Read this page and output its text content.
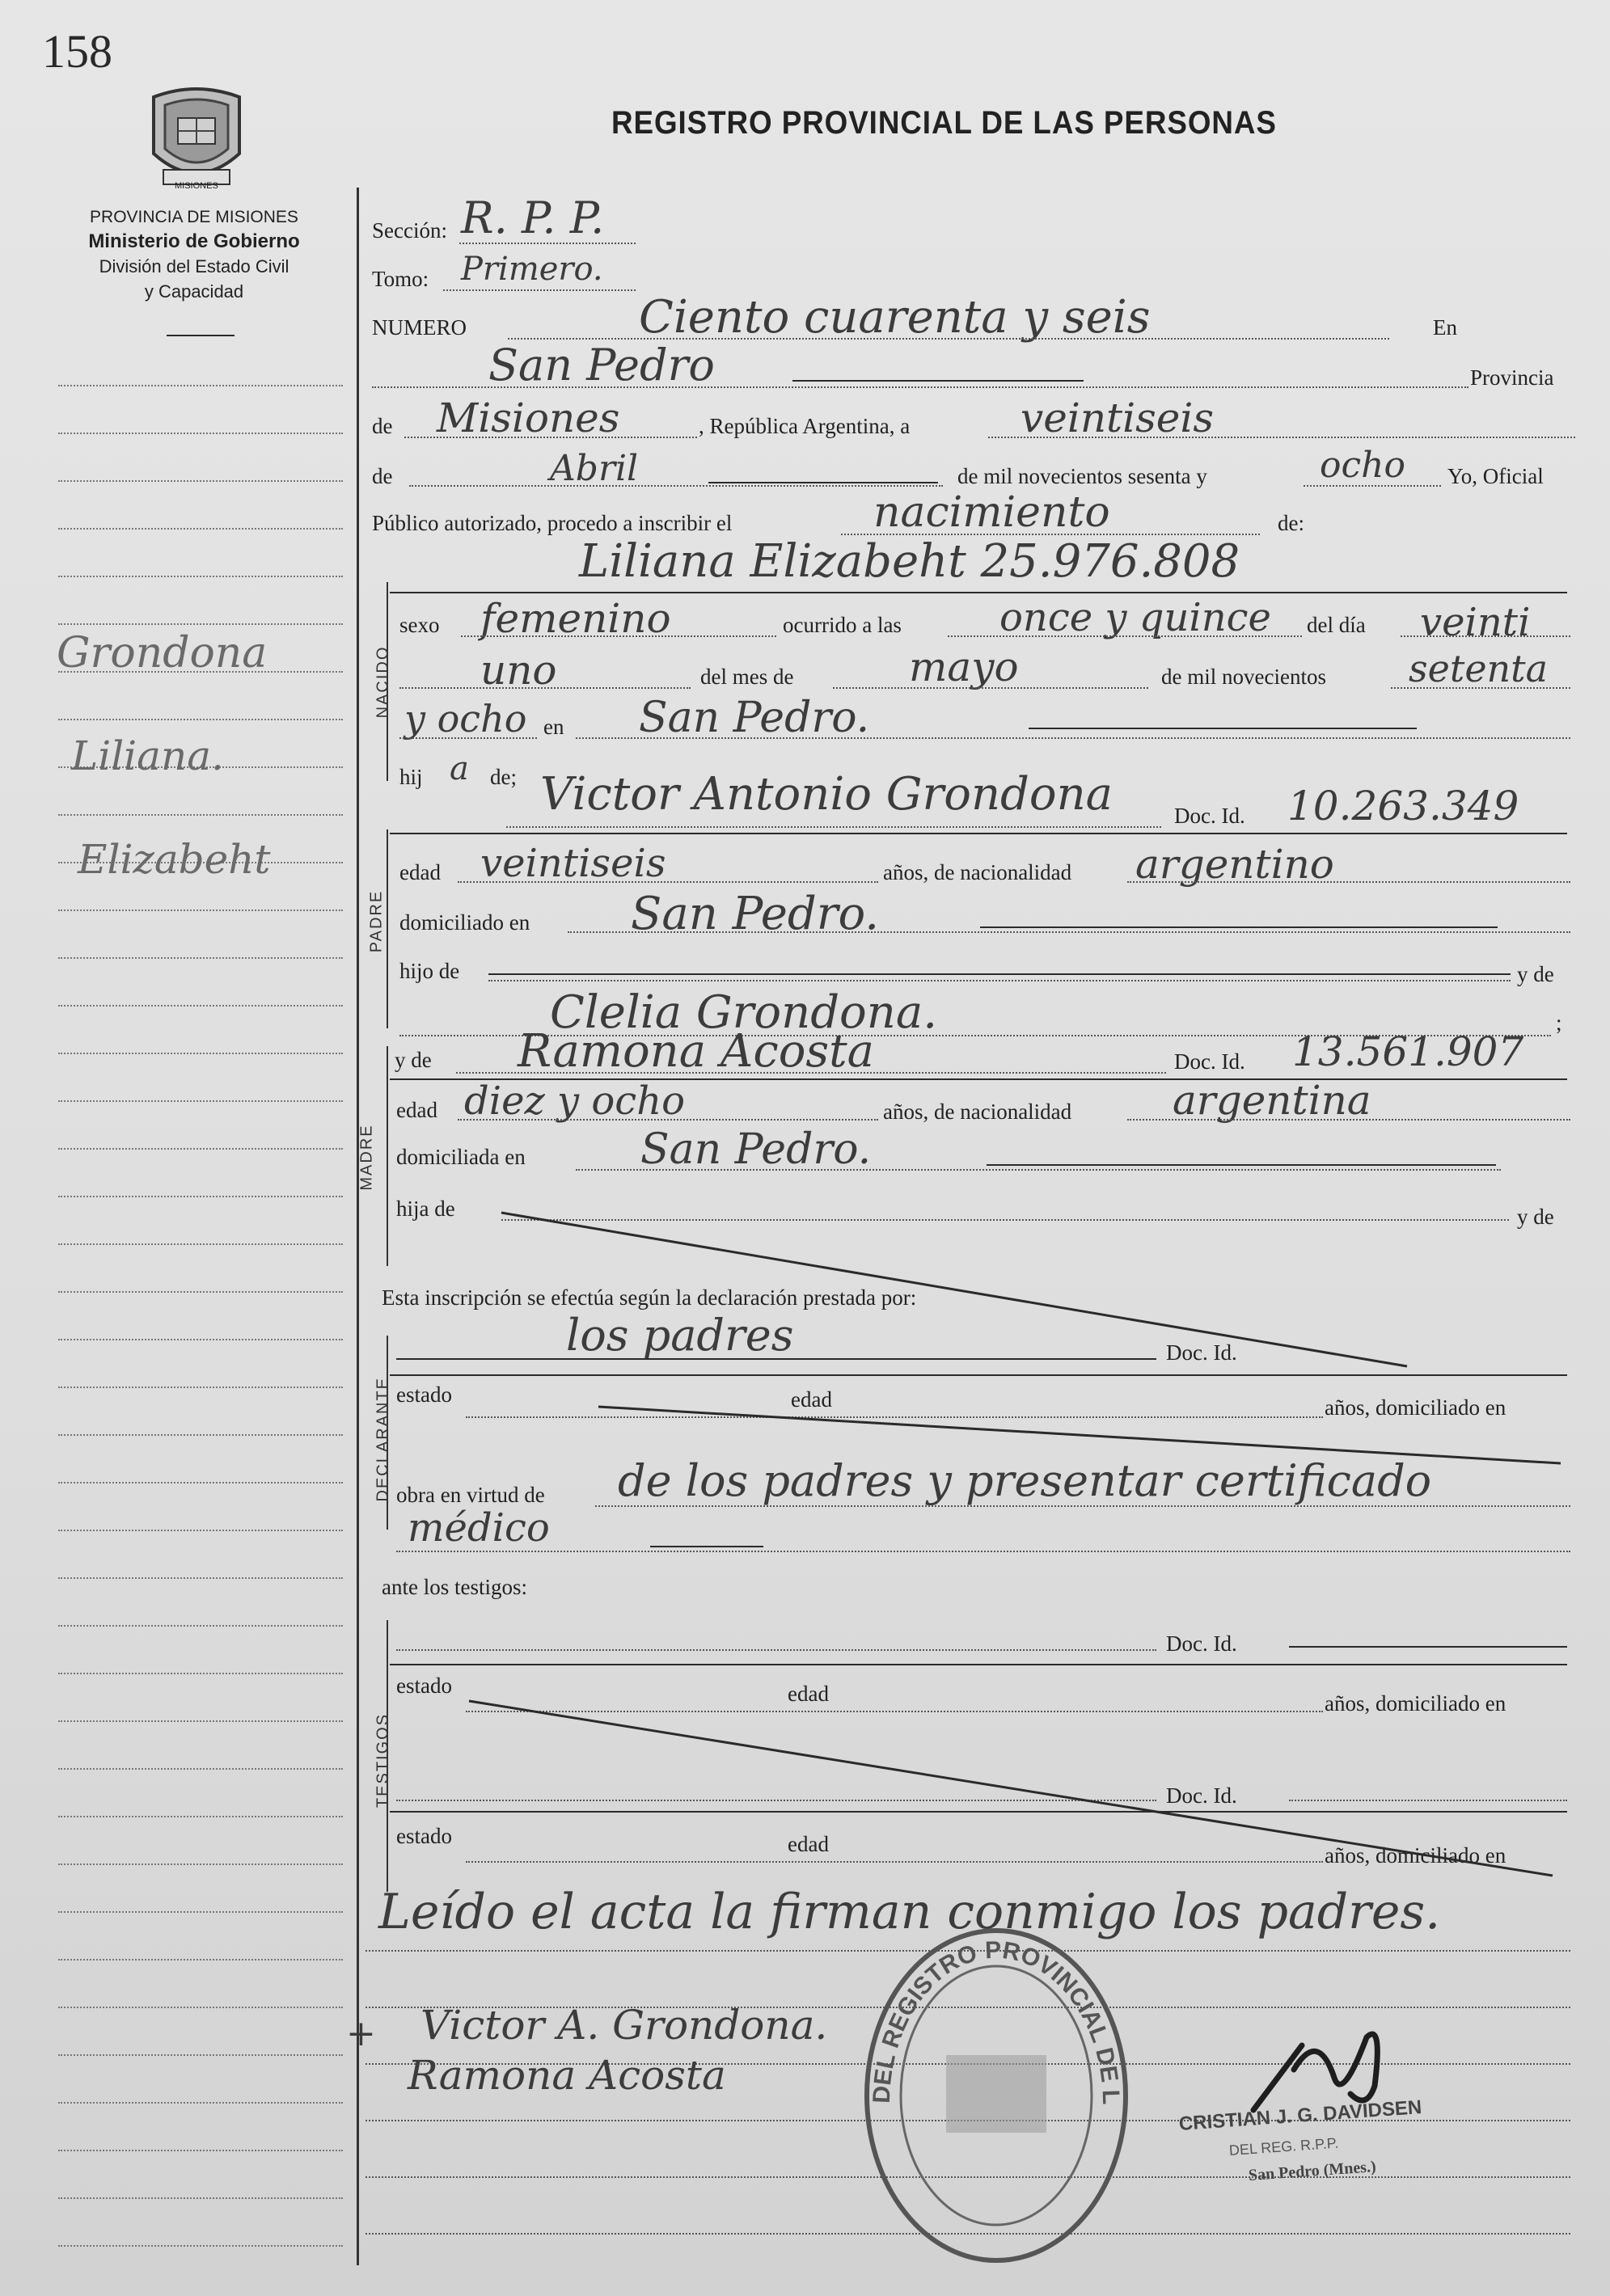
158
MISIONES
PROVINCIA DE MISIONES
Ministerio de Gobierno
División del Estado Civil
y Capacidad
REGISTRO PROVINCIAL DE LAS PERSONAS
Grondona
Liliana.
Elizabeht
Sección: R. P. P.
Tomo: Primero.
NUMERO	Ciento cuarenta y seis	En
San Pedro	Provincia
de Misiones	, República Argentina, a	veintiseis
de	Abril	de mil novecientos sesenta y	ocho Yo, Oficial
Público autorizado, procedo a inscribir el	nacimiento	de:
Liliana Elizabeht 25.976.808
NACIDO
sexo femenino	ocurrido a las	once y quince del día veinti
uno	del mes de	mayo	de mil novecientos setenta
y ocho en San Pedro.
hij a de; Victor Antonio Grondona	Doc. Id. 10.263.349
PADRE
edad veintiseis	años, de nacionalidad argentino
domiciliado en San Pedro.
hijo de	y de
Clelia Grondona.	;
y de Ramona Acosta	Doc. Id. 13.561.907
MADRE
edad diez y ocho	años, de nacionalidad argentina
domiciliada en	San Pedro.
hija de	y de
Esta inscripción se efectúa según la declaración prestada por:
DECLARANTE
los padres	Doc. Id.
estado	edad	años, domiciliado en
obra en virtud de de los padres y presentar certificado
médico
ante los testigos:
TESTIGOS
Doc. Id.
estado	edad	años, domiciliado en
Doc. Id.
estado	edad	años, domiciliado en
Leído el acta la firman conmigo los padres.
+ Victor A. Grondona.
Ramona Acosta	DEL REGISTRO PROVINCIAL DE L	CRISTIAN J. G. DAVIDSEN
DEL REG. R.P.P.
San Pedro (Mnes.)
